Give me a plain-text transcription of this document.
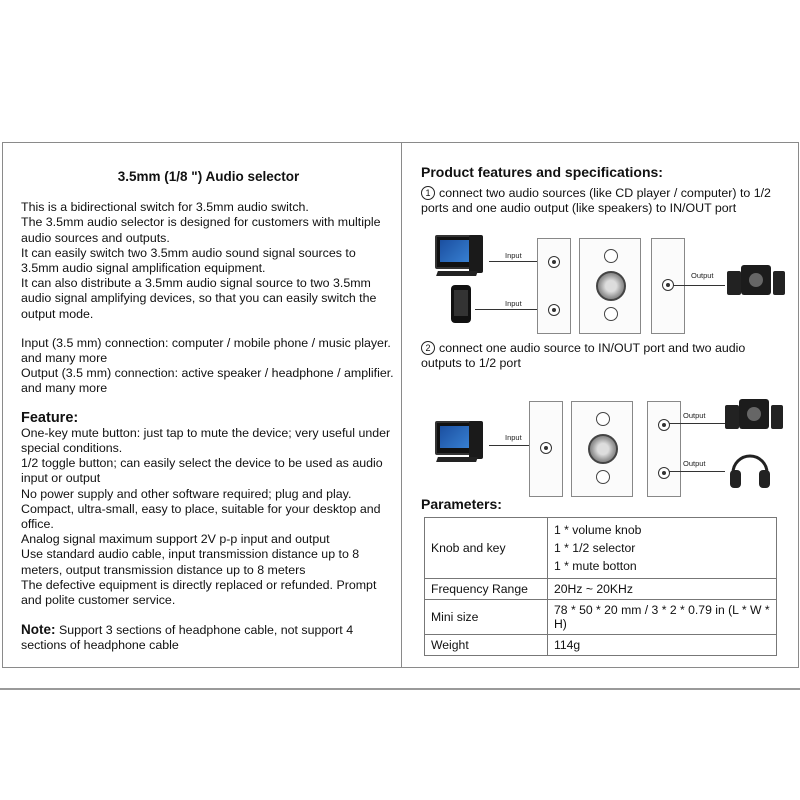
3.5mm (1/8 ") Audio selector

This is a bidirectional switch for 3.5mm audio switch.

The 3.5mm audio selector is designed for customers with multiple audio sources and outputs.

It can easily switch two 3.5mm audio sound signal sources to 3.5mm audio signal amplification equipment.

It can also distribute a 3.5mm audio signal source to two 3.5mm audio signal amplifying devices, so that you can easily switch the output mode.

Input (3.5 mm) connection: computer / mobile phone / music player. and many more

Output (3.5 mm) connection: active speaker / headphone / amplifier. and many more

Feature:

One-key mute button: just tap to mute the device; very useful under special conditions.

1/2 toggle button; can easily select the device to be used as audio input or output

No power supply and other software required; plug and play.

Compact, ultra-small, easy to place, suitable for your desktop and office.

Analog signal maximum support 2V p-p input and output

Use standard audio cable, input transmission distance up to 8 meters, output transmission distance up to 8 meters

The defective equipment is directly replaced or refunded. Prompt and polite customer service.

Note: Support 3 sections of headphone cable, not support 4 sections of headphone cable

Product features and specifications:

1 connect two audio sources (like CD player / computer) to 1/2 ports and one audio output (like speakers) to IN/OUT port

2 connect one audio source to IN/OUT port and two audio outputs to 1/2 port

Parameters:

Input
Input
Output
Input
Output
Output
Knob and key	1 * volume knob
1 * 1/2 selector
1 * mute botton

Frequency Range	20Hz ~ 20KHz
Mini size	78 * 50 * 20 mm / 3 * 2 * 0.79 in (L * W * H)
Weight	114g
